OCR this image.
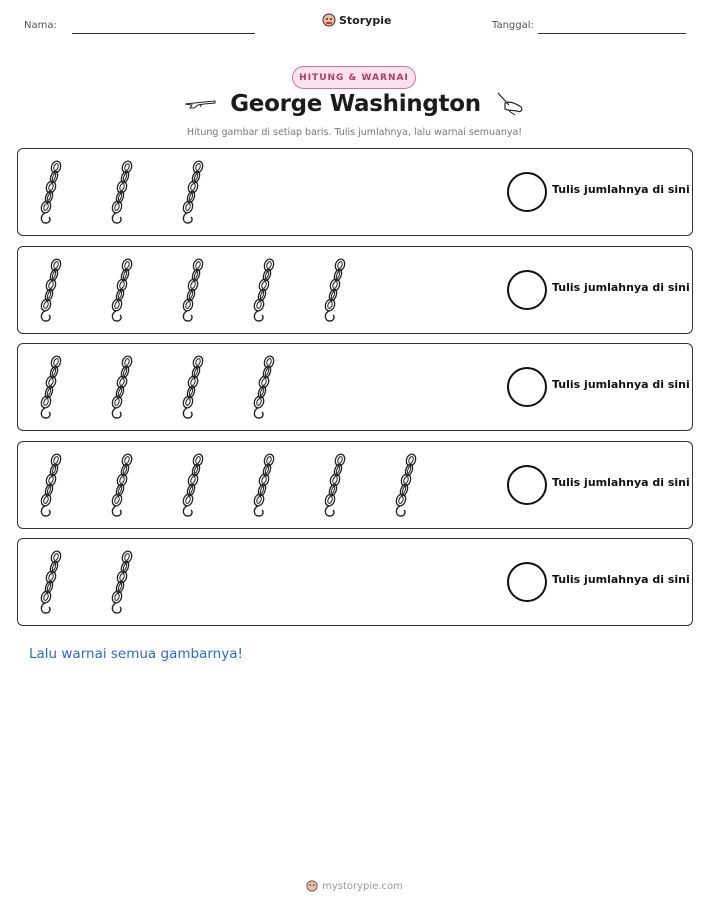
Nama:	Storypie	Tanggal:
HITUNG & WARNAI
George Washington
Hitung gambar di setiap baris. Tulis jumlahnya, lalu warnai semuanya!
Tulis jumlahnya di sini
Tulis jumlahnya di sini
Tulis jumlahnya di sini
Tulis jumlahnya di sini
Tulis jumlahnya di sini
Lalu warnai semua gambarnya!
mystorypie.com
